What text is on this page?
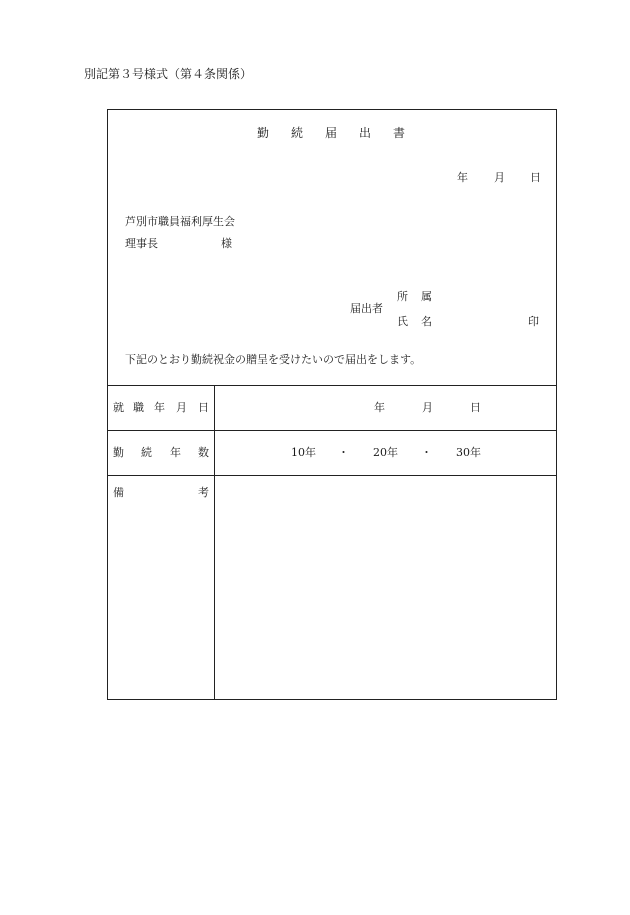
別記第３号様式（第４条関係）
勤 続 届 出 書
年 月 日
芦別市職員福利厚生会
理事長	様
届出者
所 属
氏 名	印
下記のとおり勤続祝金の贈呈を受けたいので届出をします。
就 職 年 月 日	年	月	日
勤 続 年 数	10年 ・ 20年 ・ 30年
備	考
